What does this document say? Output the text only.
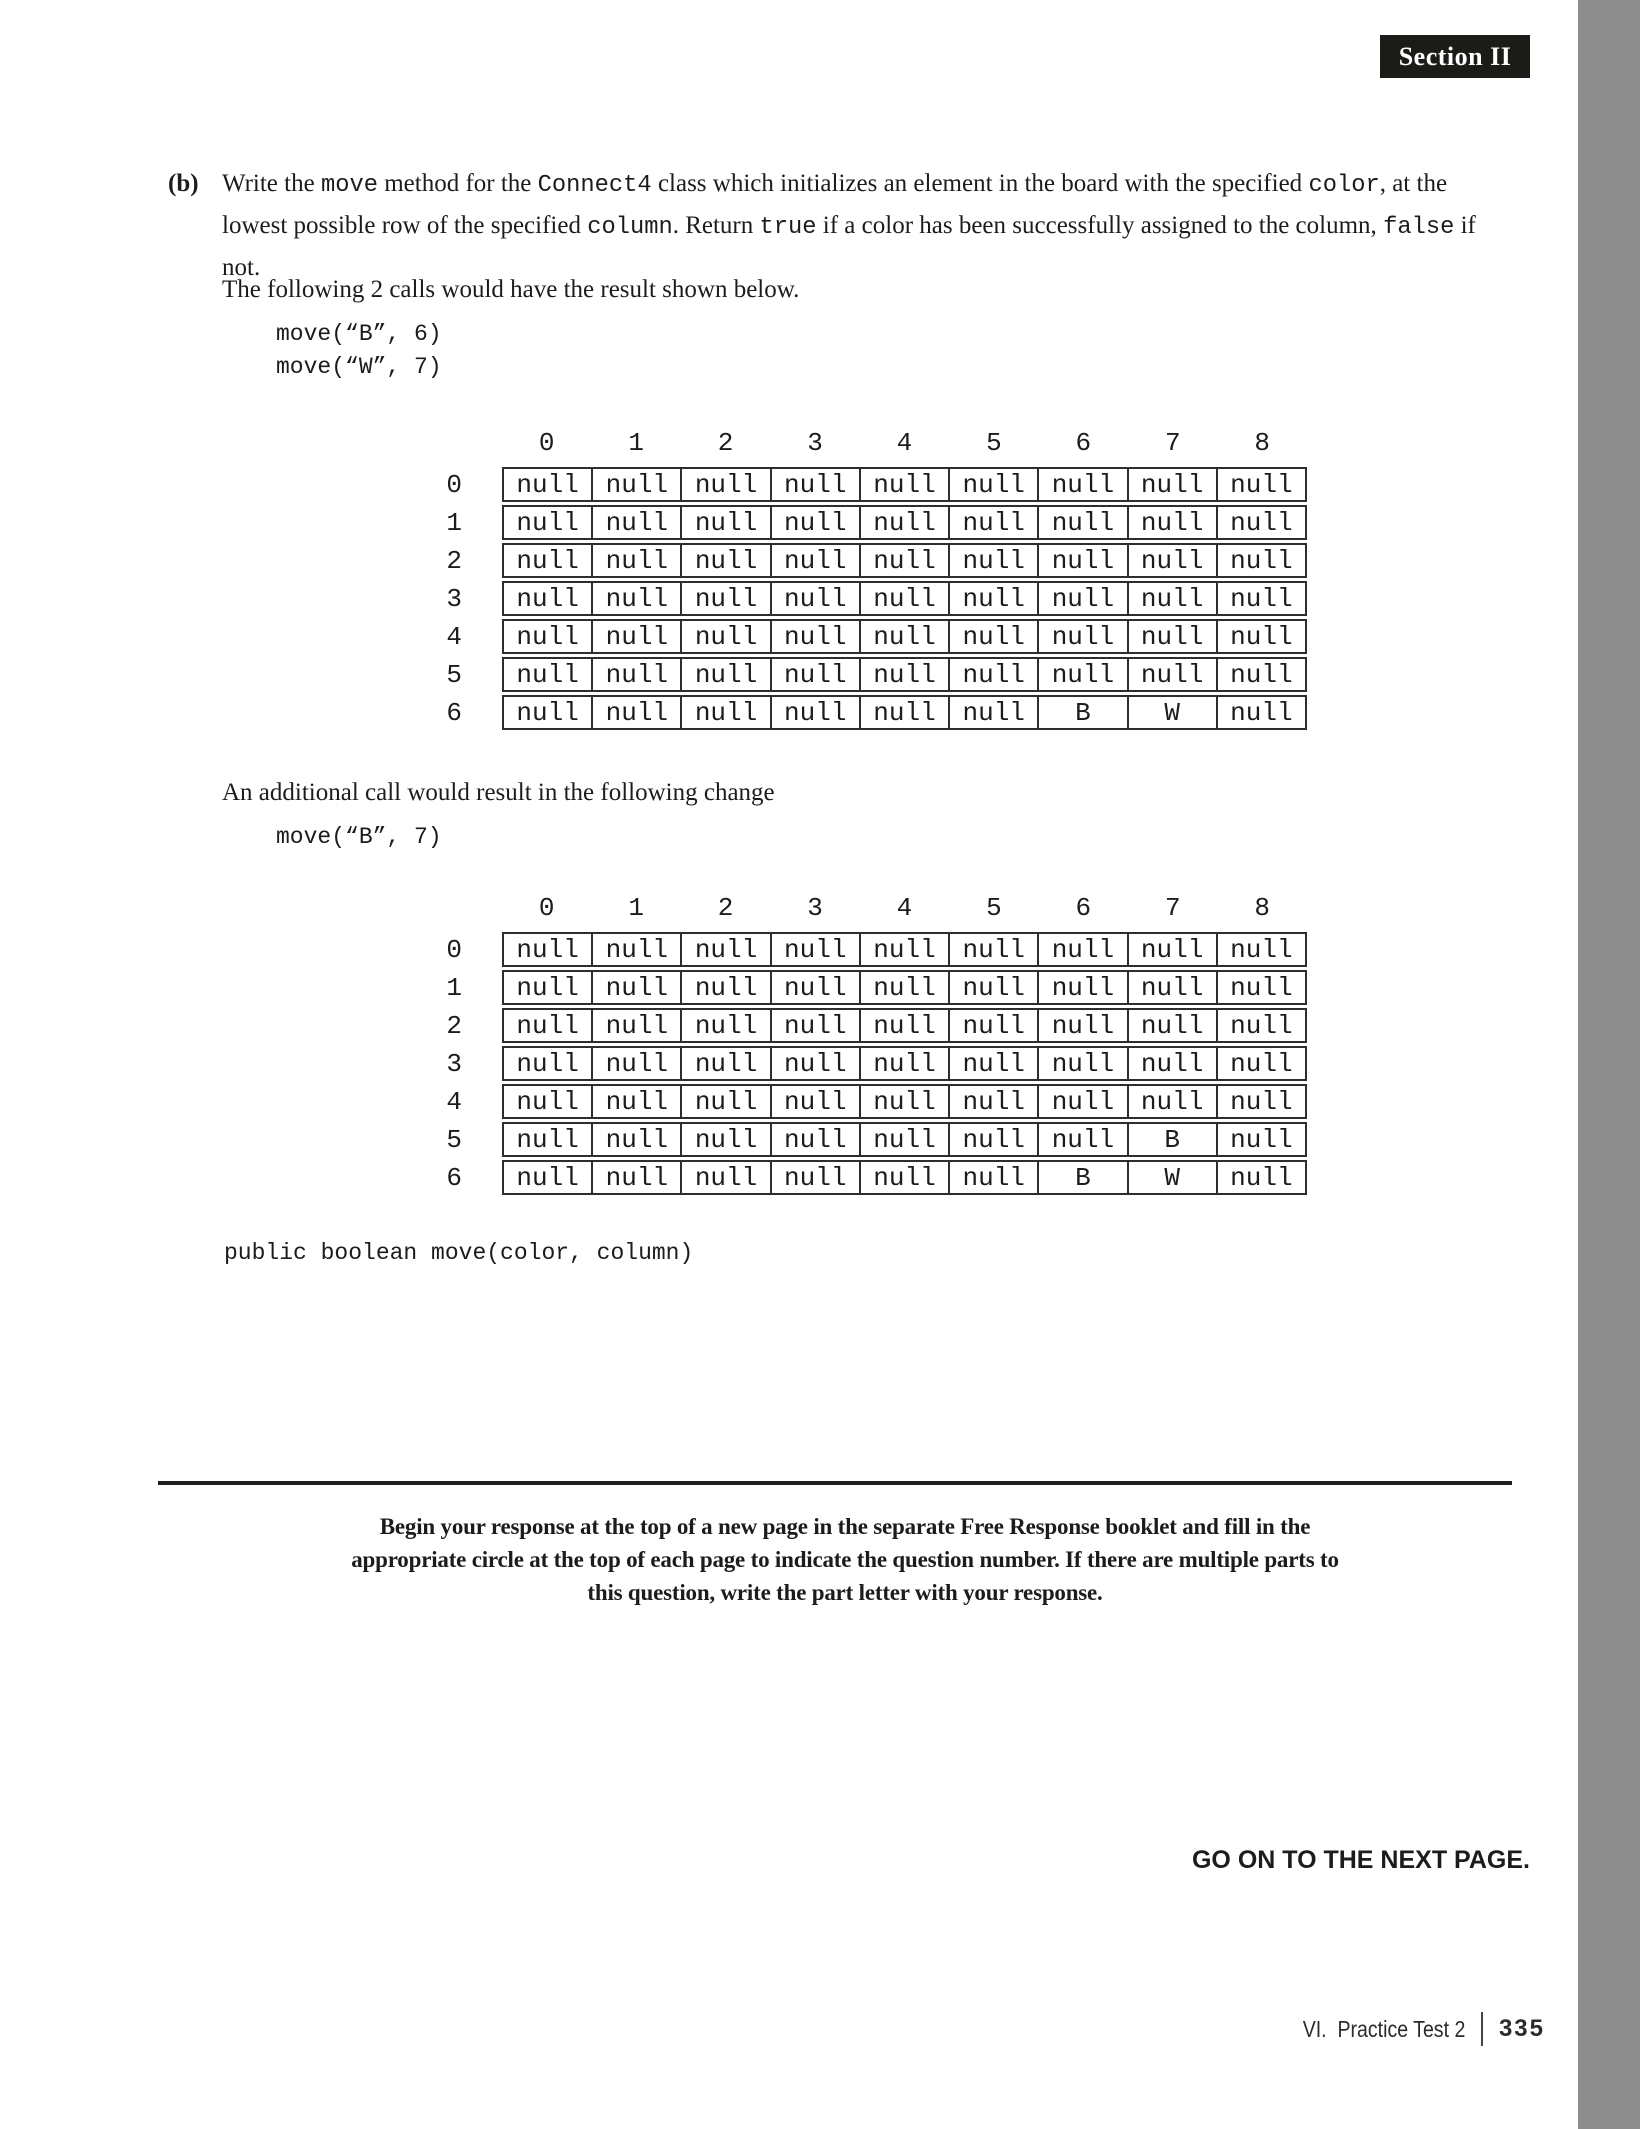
Section II
(b) Write the move method for the Connect4 class which initializes an element in the board with the specified color, at the
lowest possible row of the specified column. Return true if a color has been successfully assigned to the column, false if
not.
The following 2 calls would have the result shown below.
move(“B”, 6)
move(“W”, 7)
0	1	2	3	4	5	6	7	8
0	null	null	null	null	null	null	null	null	null
1	null	null	null	null	null	null	null	null	null
2	null	null	null	null	null	null	null	null	null
3	null	null	null	null	null	null	null	null	null
4	null	null	null	null	null	null	null	null	null
5	null	null	null	null	null	null	null	null	null
6	null	null	null	null	null	null	B	W	null
An additional call would result in the following change
move(“B”, 7)
0	1	2	3	4	5	6	7	8
0	null	null	null	null	null	null	null	null	null
1	null	null	null	null	null	null	null	null	null
2	null	null	null	null	null	null	null	null	null
3	null	null	null	null	null	null	null	null	null
4	null	null	null	null	null	null	null	null	null
5	null	null	null	null	null	null	null	B	null
6	null	null	null	null	null	null	B	W	null
public boolean move(color, column)
Begin your response at the top of a new page in the separate Free Response booklet and fill in the
appropriate circle at the top of each page to indicate the question number. If there are multiple parts to
this question, write the part letter with your response.
GO ON TO THE NEXT PAGE.
VI.  Practice Test 2 335
